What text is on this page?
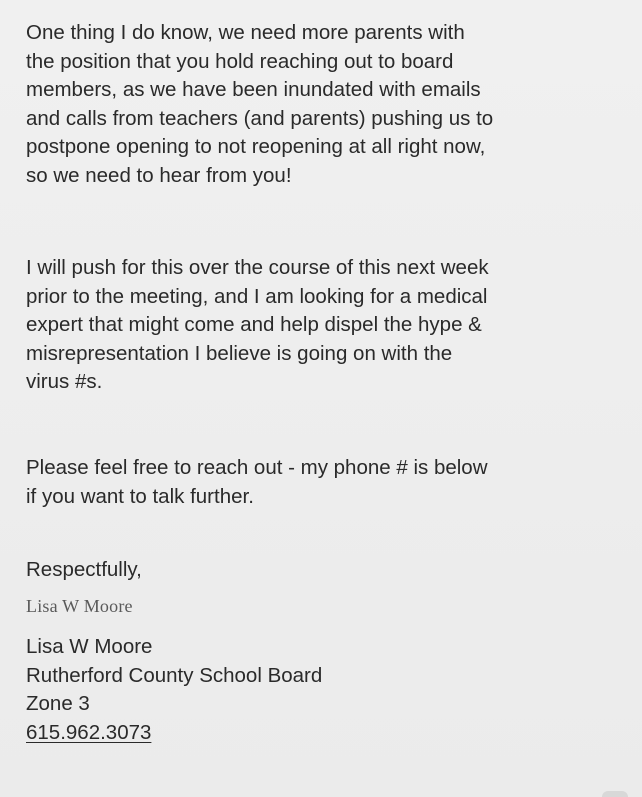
One thing I do know, we need more parents with
the position that you hold reaching out to board
members, as we have been inundated with emails
and calls from teachers (and parents) pushing us to
postpone opening to not reopening at all right now,
so we need to hear from you!

I will push for this over the course of this next week
prior to the meeting, and I am looking for a medical
expert that might come and help dispel the hype &
misrepresentation I believe is going on with the
virus #s.

Please feel free to reach out - my phone # is below
if you want to talk further.

Respectfully,

Lisa W Moore

Lisa W Moore
Rutherford County School Board
Zone 3
615.962.3073
